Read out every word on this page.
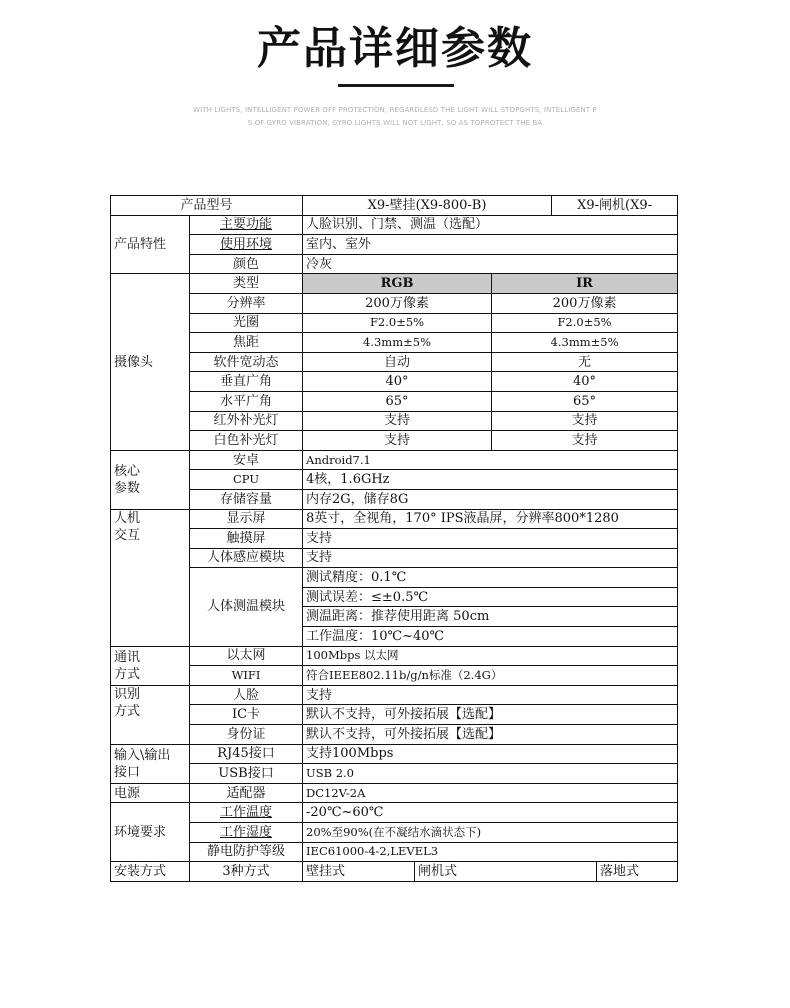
产品详细参数
WITH LIGHTS, INTELLIGENT POWER OFF PROTECTION, REGARDLESD THE LIGHT WILL STOPGHTS, INTELLIGENT P
S OF GYRO VIBRATION, GYRO LIGHTS WILL NOT LIGHT, SO AS TOPROTECT THE BA
产品型号		X9-壁挂(X9-800-B)			X9-闸机(X9-	
产品特性	主要功能	人脸识别、门禁、测温（选配）				
	使用环境	室内、室外				
	颜色	冷灰				
摄像头	类型	RGB		IR		
	分辨率	200万像素		200万像素		
	光圈	F2.0±5%		F2.0±5%		
	焦距	4.3mm±5%		4.3mm±5%		
	软件宽动态	自动		无		
	垂直广角	40°		40°		
	水平广角	65°		65°		
	红外补光灯	支持		支持		
	白色补光灯	支持		支持		

核心
参数	安卓	Android7.1				
	CPU	4核，1.6GHz				
	存储容量	内存2G，储存8G				

人机
交互	显示屏	8英寸，全视角，170° IPS液晶屏，分辨率800*1280				
	触摸屏	支持				
	人体感应模块	支持				
	人体测温模块	测试精度：0.1℃				
		测试误差：≤±0.5℃				
		测温距离：推荐使用距离 50cm				
		工作温度：10℃~40℃				

通讯
方式	以太网	100Mbps 以太网				
	WIFI	符合IEEE802.11b/g/n标准（2.4G）				

识别
方式	人脸	支持				
	IC卡	默认不支持，可外接拓展【选配】				
	身份证	默认不支持，可外接拓展【选配】				

输入\输出
接口	RJ45接口	支持100Mbps				
	USB接口	USB 2.0				
电源	适配器	DC12V-2A				
环境要求	工作温度	-20℃~60℃				
	工作湿度	20%至90%(在不凝结水滴状态下)				
	静电防护等级	IEC61000-4-2,LEVEL3				
安装方式	3种方式	壁挂式	闸机式			落地式
